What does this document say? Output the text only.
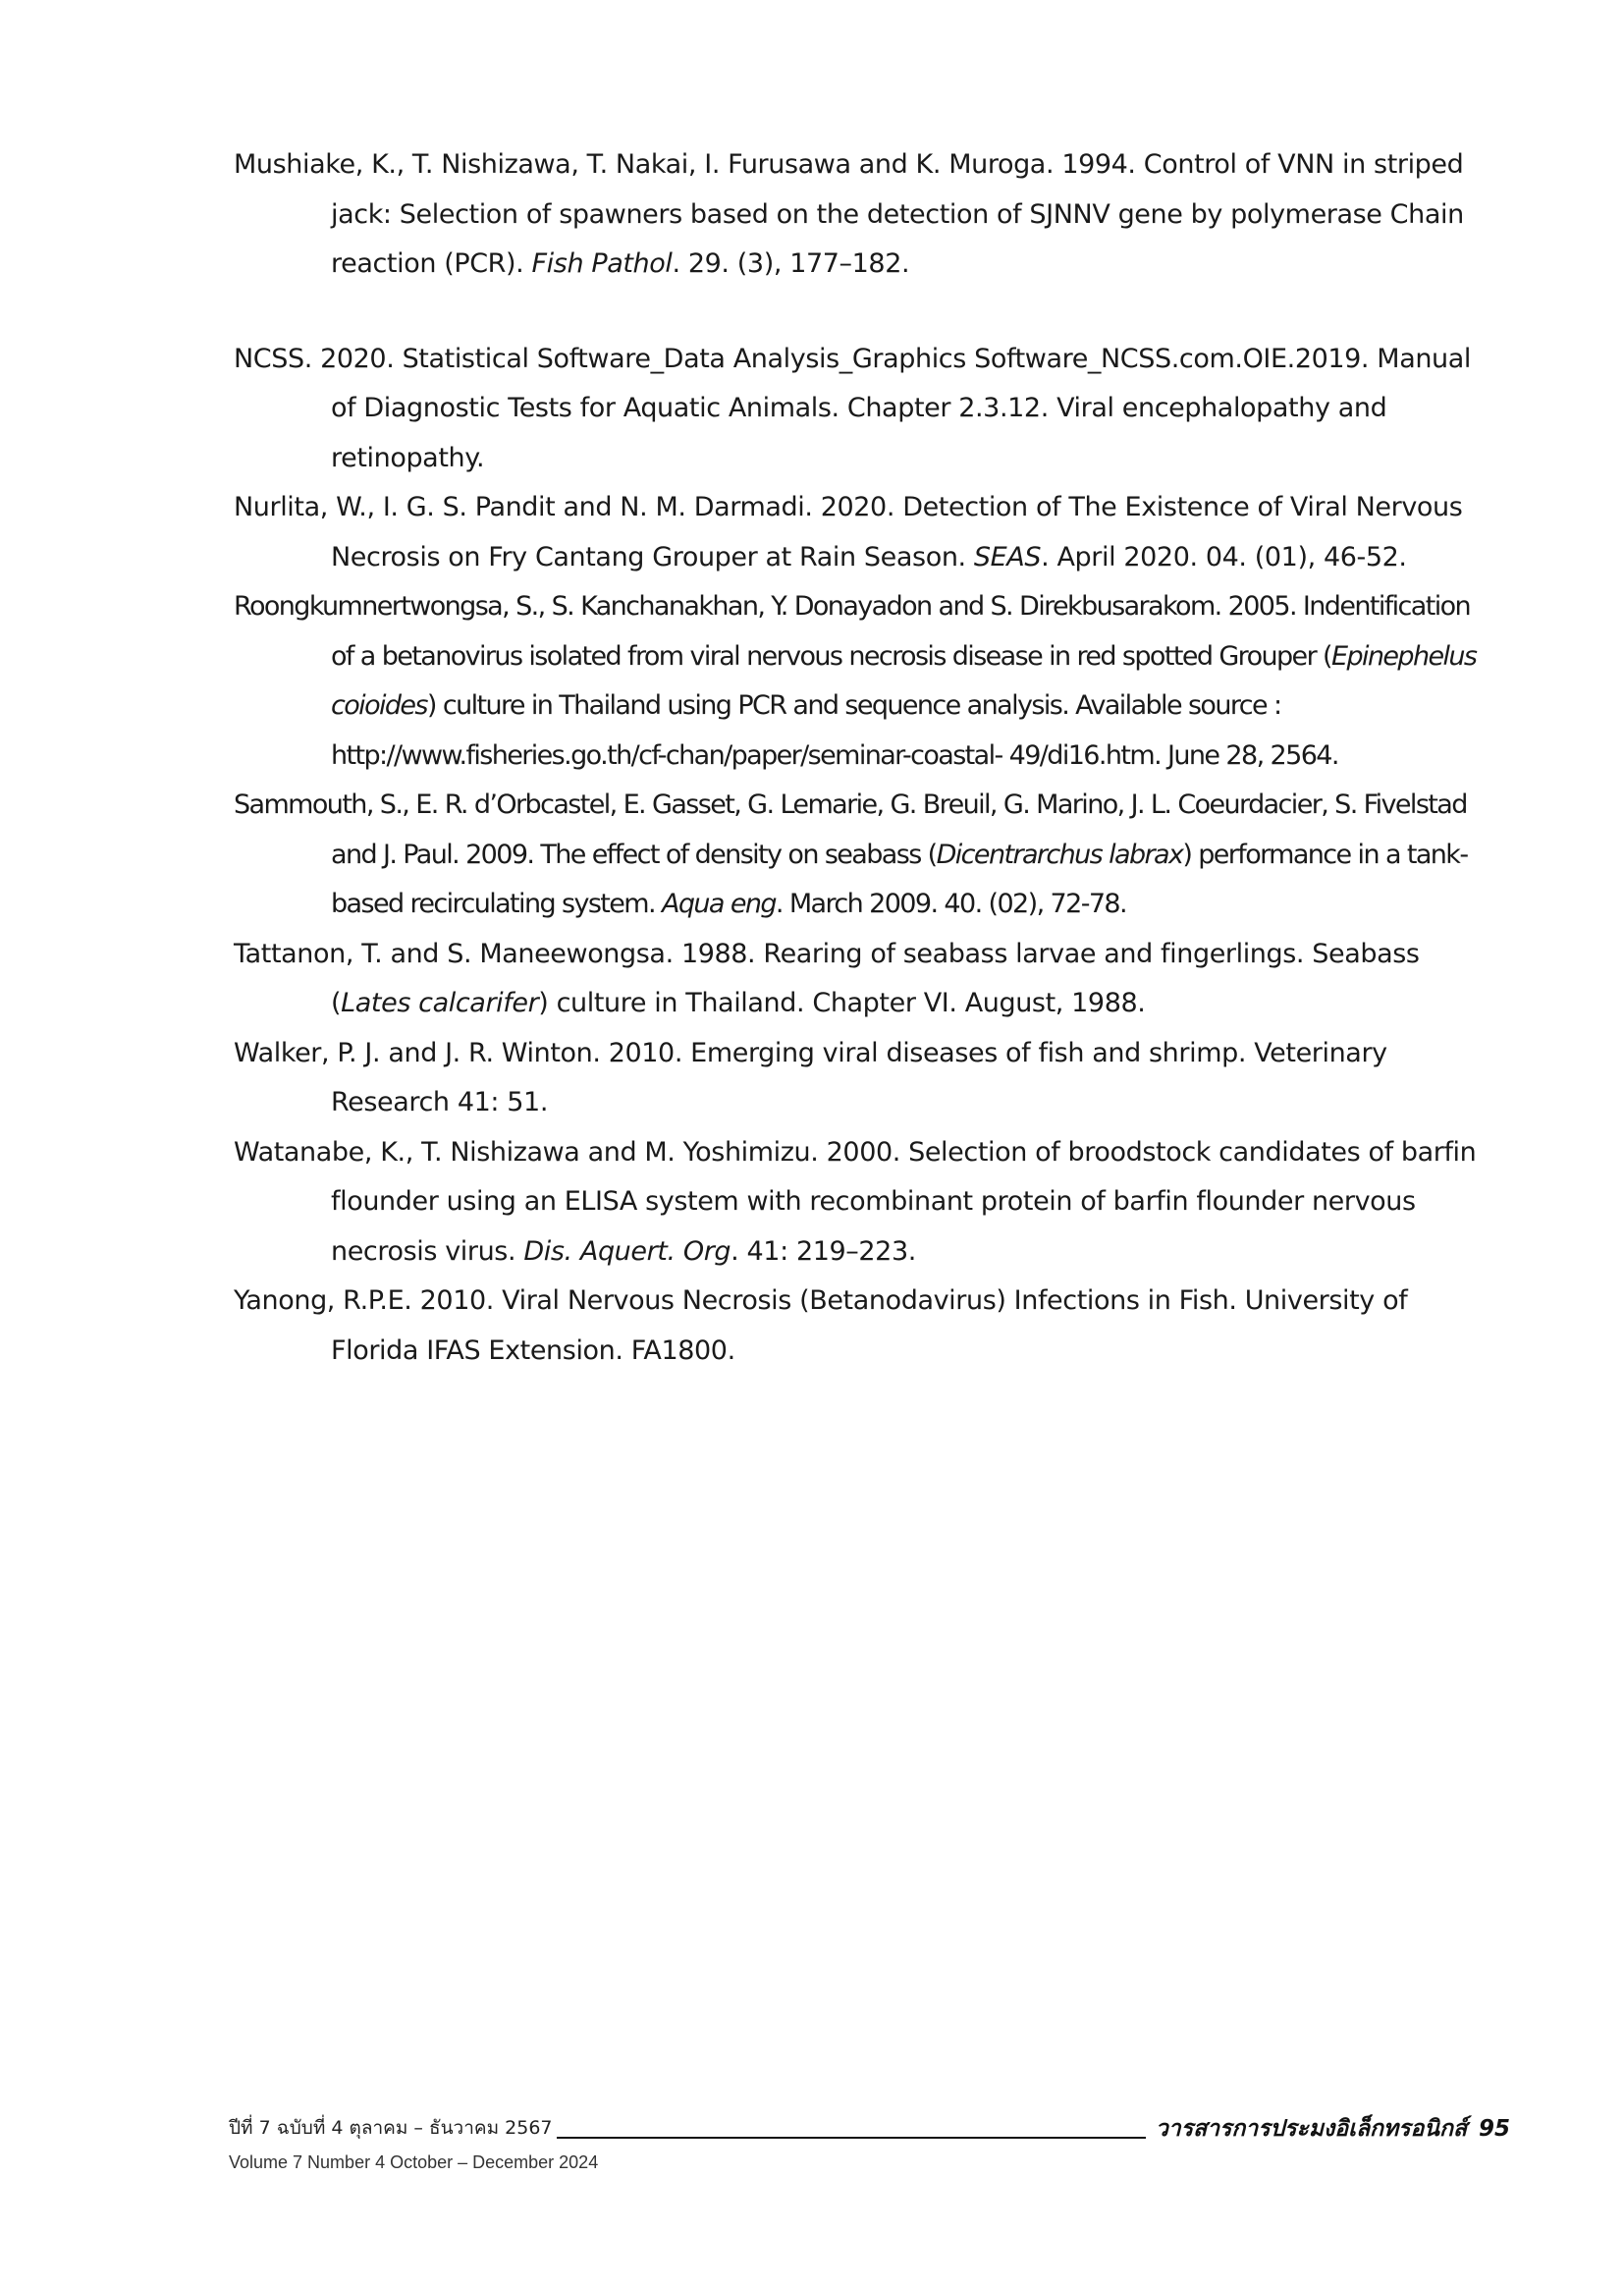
Mushiake, K., T. Nishizawa, T. Nakai, I. Furusawa and K. Muroga. 1994. Control of VNN in striped jack: Selection of spawners based on the detection of SJNNV gene by polymerase Chain reaction (PCR). Fish Pathol. 29. (3), 177–182.

NCSS. 2020. Statistical Software_Data Analysis_Graphics Software_NCSS.com.OIE.2019. Manual of Diagnostic Tests for Aquatic Animals. Chapter 2.3.12. Viral encephalopathy and retinopathy.

Nurlita, W., I. G. S. Pandit and N. M. Darmadi. 2020. Detection of The Existence of Viral Nervous Necrosis on Fry Cantang Grouper at Rain Season. SEAS. April 2020. 04. (01), 46-52.

Roongkumnertwongsa, S., S. Kanchanakhan, Y. Donayadon and S. Direkbusarakom. 2005. Indentification of a betanovirus isolated from viral nervous necrosis disease in red spotted Grouper (Epinephelus coioides) culture in Thailand using PCR and sequence analysis. Available source : http://www.fisheries.go.th/cf-chan/paper/seminar-coastal- 49/di16.htm. June 28, 2564.

Sammouth, S., E. R. d’Orbcastel, E. Gasset, G. Lemarie, G. Breuil, G. Marino, J. L. Coeurdacier, S. Fivelstad and J. Paul. 2009. The effect of density on seabass (Dicentrarchus labrax) performance in a tank-based recirculating system. Aqua eng. March 2009. 40. (02), 72-78.

Tattanon, T. and S. Maneewongsa. 1988. Rearing of seabass larvae and fingerlings. Seabass (Lates calcarifer) culture in Thailand. Chapter VI. August, 1988.

Walker, P. J. and J. R. Winton. 2010. Emerging viral diseases of fish and shrimp. Veterinary Research 41: 51.

Watanabe, K., T. Nishizawa and M. Yoshimizu. 2000. Selection of broodstock candidates of barfin flounder using an ELISA system with recombinant protein of barfin flounder nervous necrosis virus. Dis. Aquert. Org. 41: 219–223.

Yanong, R.P.E. 2010. Viral Nervous Necrosis (Betanodavirus) Infections in Fish. University of Florida IFAS Extension. FA1800.

ปีที่ 7 ฉบับที่ 4 ตุลาคม – ธันวาคม 2567	วารสารการประมงอิเล็กทรอนิกส์ 95
Volume 7 Number 4 October – December 2024
